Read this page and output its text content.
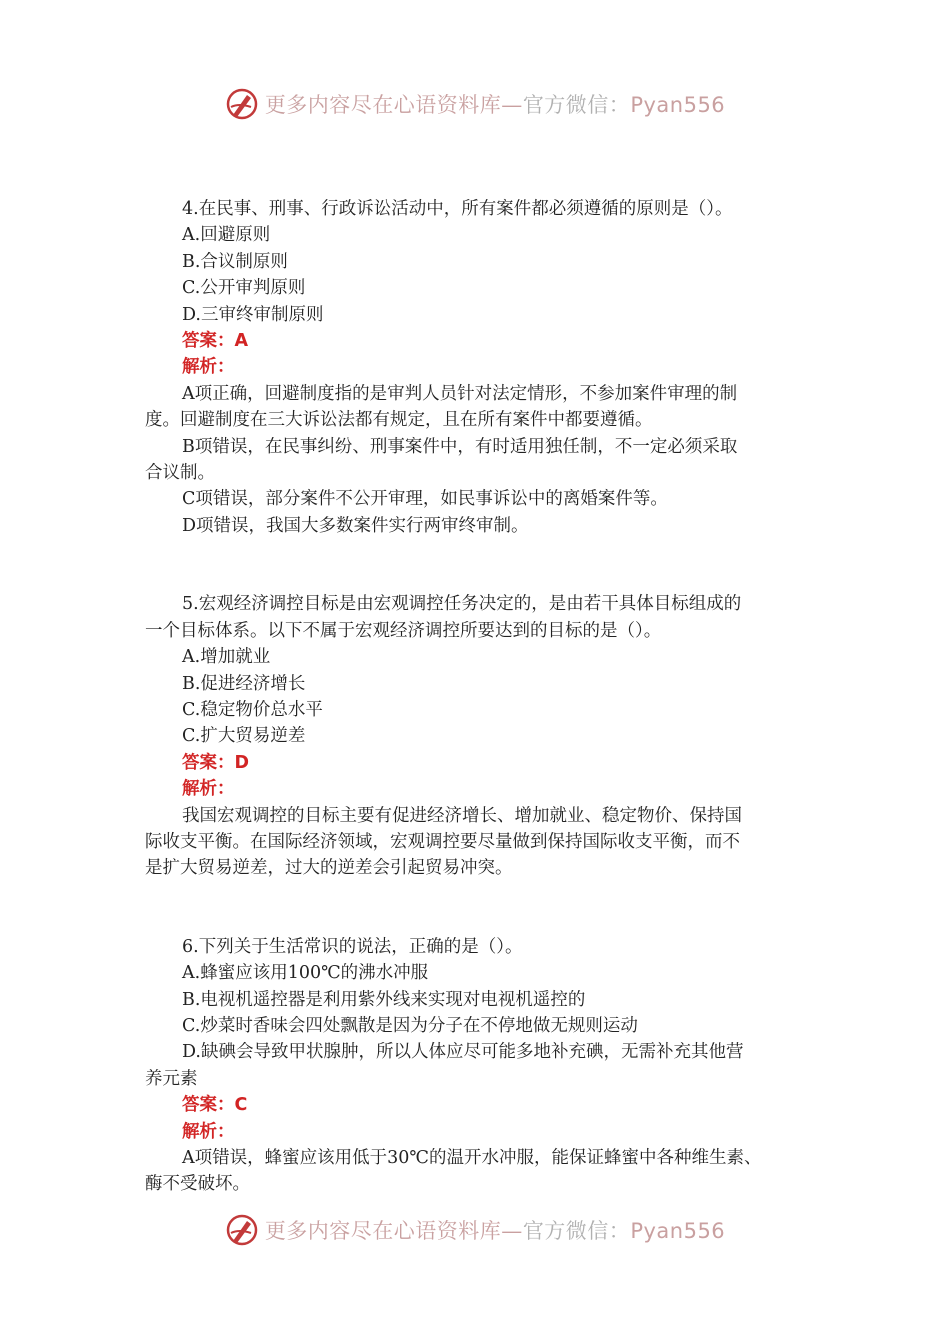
更多内容尽在心语资料库—官方微信：Pyan556
4.在民事、刑事、行政诉讼活动中，所有案件都必须遵循的原则是（）。
A.回避原则
B.合议制原则
C.公开审判原则
D.三审终审制原则
答案：A
解析：
A项正确，回避制度指的是审判人员针对法定情形，不参加案件审理的制
度。回避制度在三大诉讼法都有规定，且在所有案件中都要遵循。
B项错误，在民事纠纷、刑事案件中，有时适用独任制，不一定必须采取
合议制。
C项错误，部分案件不公开审理，如民事诉讼中的离婚案件等。
D项错误，我国大多数案件实行两审终审制。
5.宏观经济调控目标是由宏观调控任务决定的，是由若干具体目标组成的
一个目标体系。以下不属于宏观经济调控所要达到的目标的是（）。
A.增加就业
B.促进经济增长
C.稳定物价总水平
C.扩大贸易逆差
答案：D
解析：
我国宏观调控的目标主要有促进经济增长、增加就业、稳定物价、保持国
际收支平衡。在国际经济领域，宏观调控要尽量做到保持国际收支平衡，而不
是扩大贸易逆差，过大的逆差会引起贸易冲突。
6.下列关于生活常识的说法，正确的是（）。
A.蜂蜜应该用100℃的沸水冲服
B.电视机遥控器是利用紫外线来实现对电视机遥控的
C.炒菜时香味会四处飘散是因为分子在不停地做无规则运动
D.缺碘会导致甲状腺肿，所以人体应尽可能多地补充碘，无需补充其他营
养元素
答案：C
解析：
A项错误，蜂蜜应该用低于30℃的温开水冲服，能保证蜂蜜中各种维生素、
酶不受破坏。
更多内容尽在心语资料库—官方微信：Pyan556
